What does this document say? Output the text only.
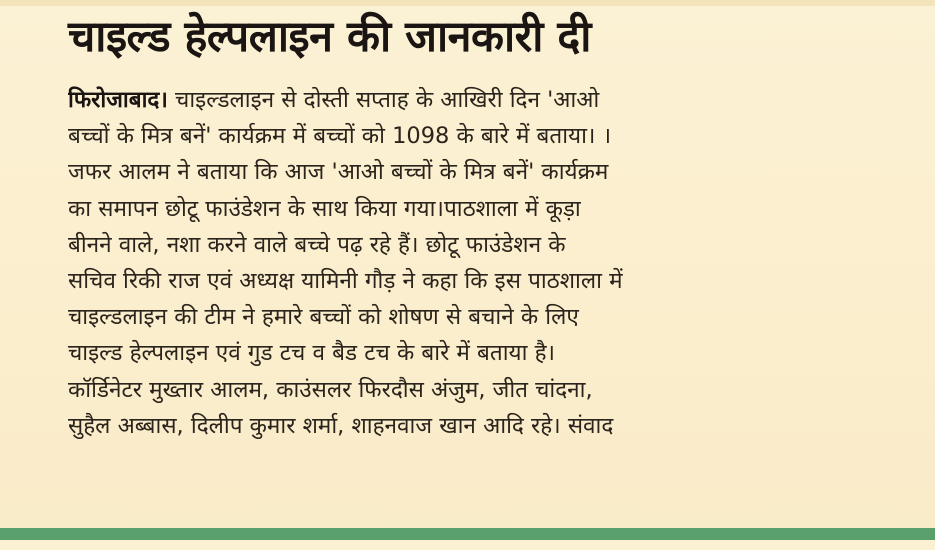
चाइल्ड हेल्पलाइन की जानकारी दी
फिरोजाबाद। चाइल्डलाइन से दोस्ती सप्ताह के आखिरी दिन 'आओ
बच्चों के मित्र बनें' कार्यक्रम में बच्चों को 1098 के बारे में बताया। ।
जफर आलम ने बताया कि आज 'आओ बच्चों के मित्र बनें' कार्यक्रम
का समापन छोटू फाउंडेशन के साथ किया गया।पाठशाला में कूड़ा
बीनने वाले, नशा करने वाले बच्चे पढ़ रहे हैं। छोटू फाउंडेशन के
सचिव रिकी राज एवं अध्यक्ष यामिनी गौड़ ने कहा कि इस पाठशाला में
चाइल्डलाइन की टीम ने हमारे बच्चों को शोषण से बचाने के लिए
चाइल्ड हेल्पलाइन एवं गुड टच व बैड टच के बारे में बताया है।
कॉर्डिनेटर मुख्तार आलम, काउंसलर फिरदौस अंजुम, जीत चांदना,
सुहैल अब्बास, दिलीप कुमार शर्मा, शाहनवाज खान आदि रहे। संवाद
